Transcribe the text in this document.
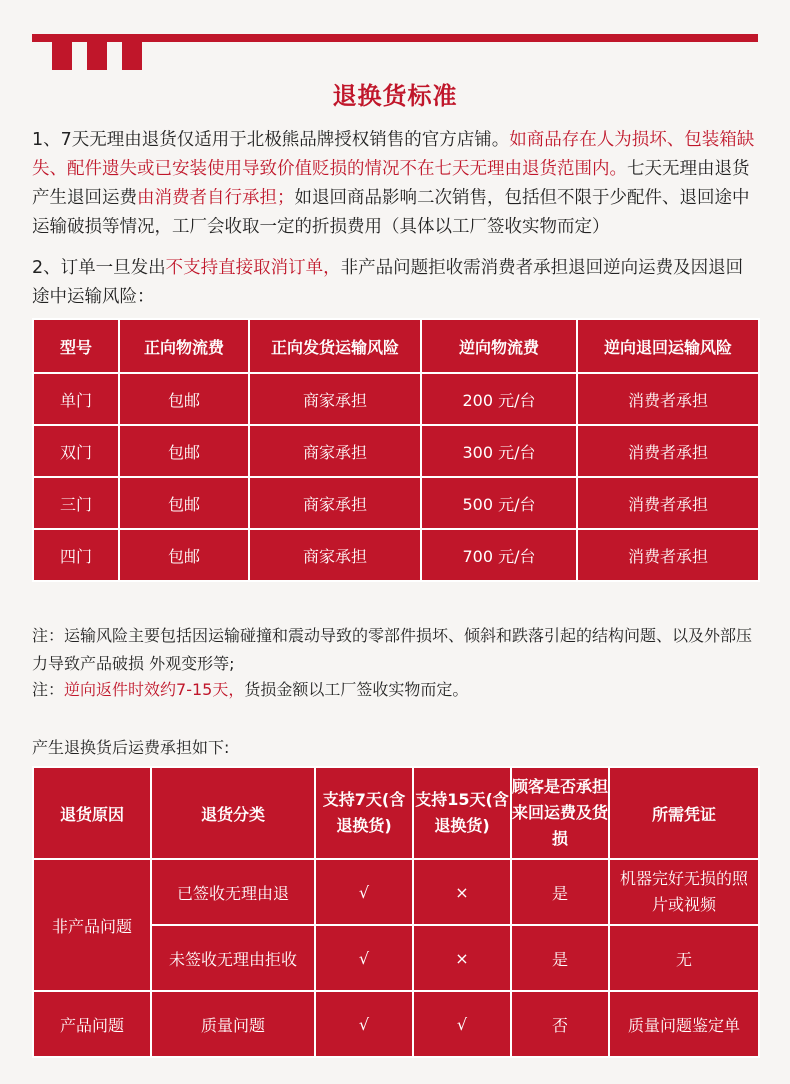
退换货标准
1、7天无理由退货仅适用于北极熊品牌授权销售的官方店铺。如商品存在人为损坏、包装箱缺失、配件遗失或已安装使用导致价值贬损的情况不在七天无理由退货范围内。七天无理由退货产生退回运费由消费者自行承担；如退回商品影响二次销售，包括但不限于少配件、退回途中运输破损等情况，工厂会收取一定的折损费用（具体以工厂签收实物而定）
2、订单一旦发出不支持直接取消订单，非产品问题拒收需消费者承担退回逆向运费及因退回途中运输风险：
型号	正向物流费	正向发货运输风险	逆向物流费	逆向退回运输风险
单门	包邮	商家承担	200 元/台	消费者承担
双门	包邮	商家承担	300 元/台	消费者承担
三门	包邮	商家承担	500 元/台	消费者承担
四门	包邮	商家承担	700 元/台	消费者承担
注：运输风险主要包括因运输碰撞和震动导致的零部件损坏、倾斜和跌落引起的结构问题、以及外部压力导致产品破损 外观变形等;
注：逆向返件时效约7-15天，货损金额以工厂签收实物而定。
产生退换货后运费承担如下:
退货原因	退货分类	支持7天(含退换货)	支持15天(含退换货)	顾客是否承担来回运费及货损	所需凭证
非产品问题	已签收无理由退	√	×	是	机器完好无损的照片或视频
	未签收无理由拒收	√	×	是	无
产品问题	质量问题	√	√	否	质量问题鉴定单
